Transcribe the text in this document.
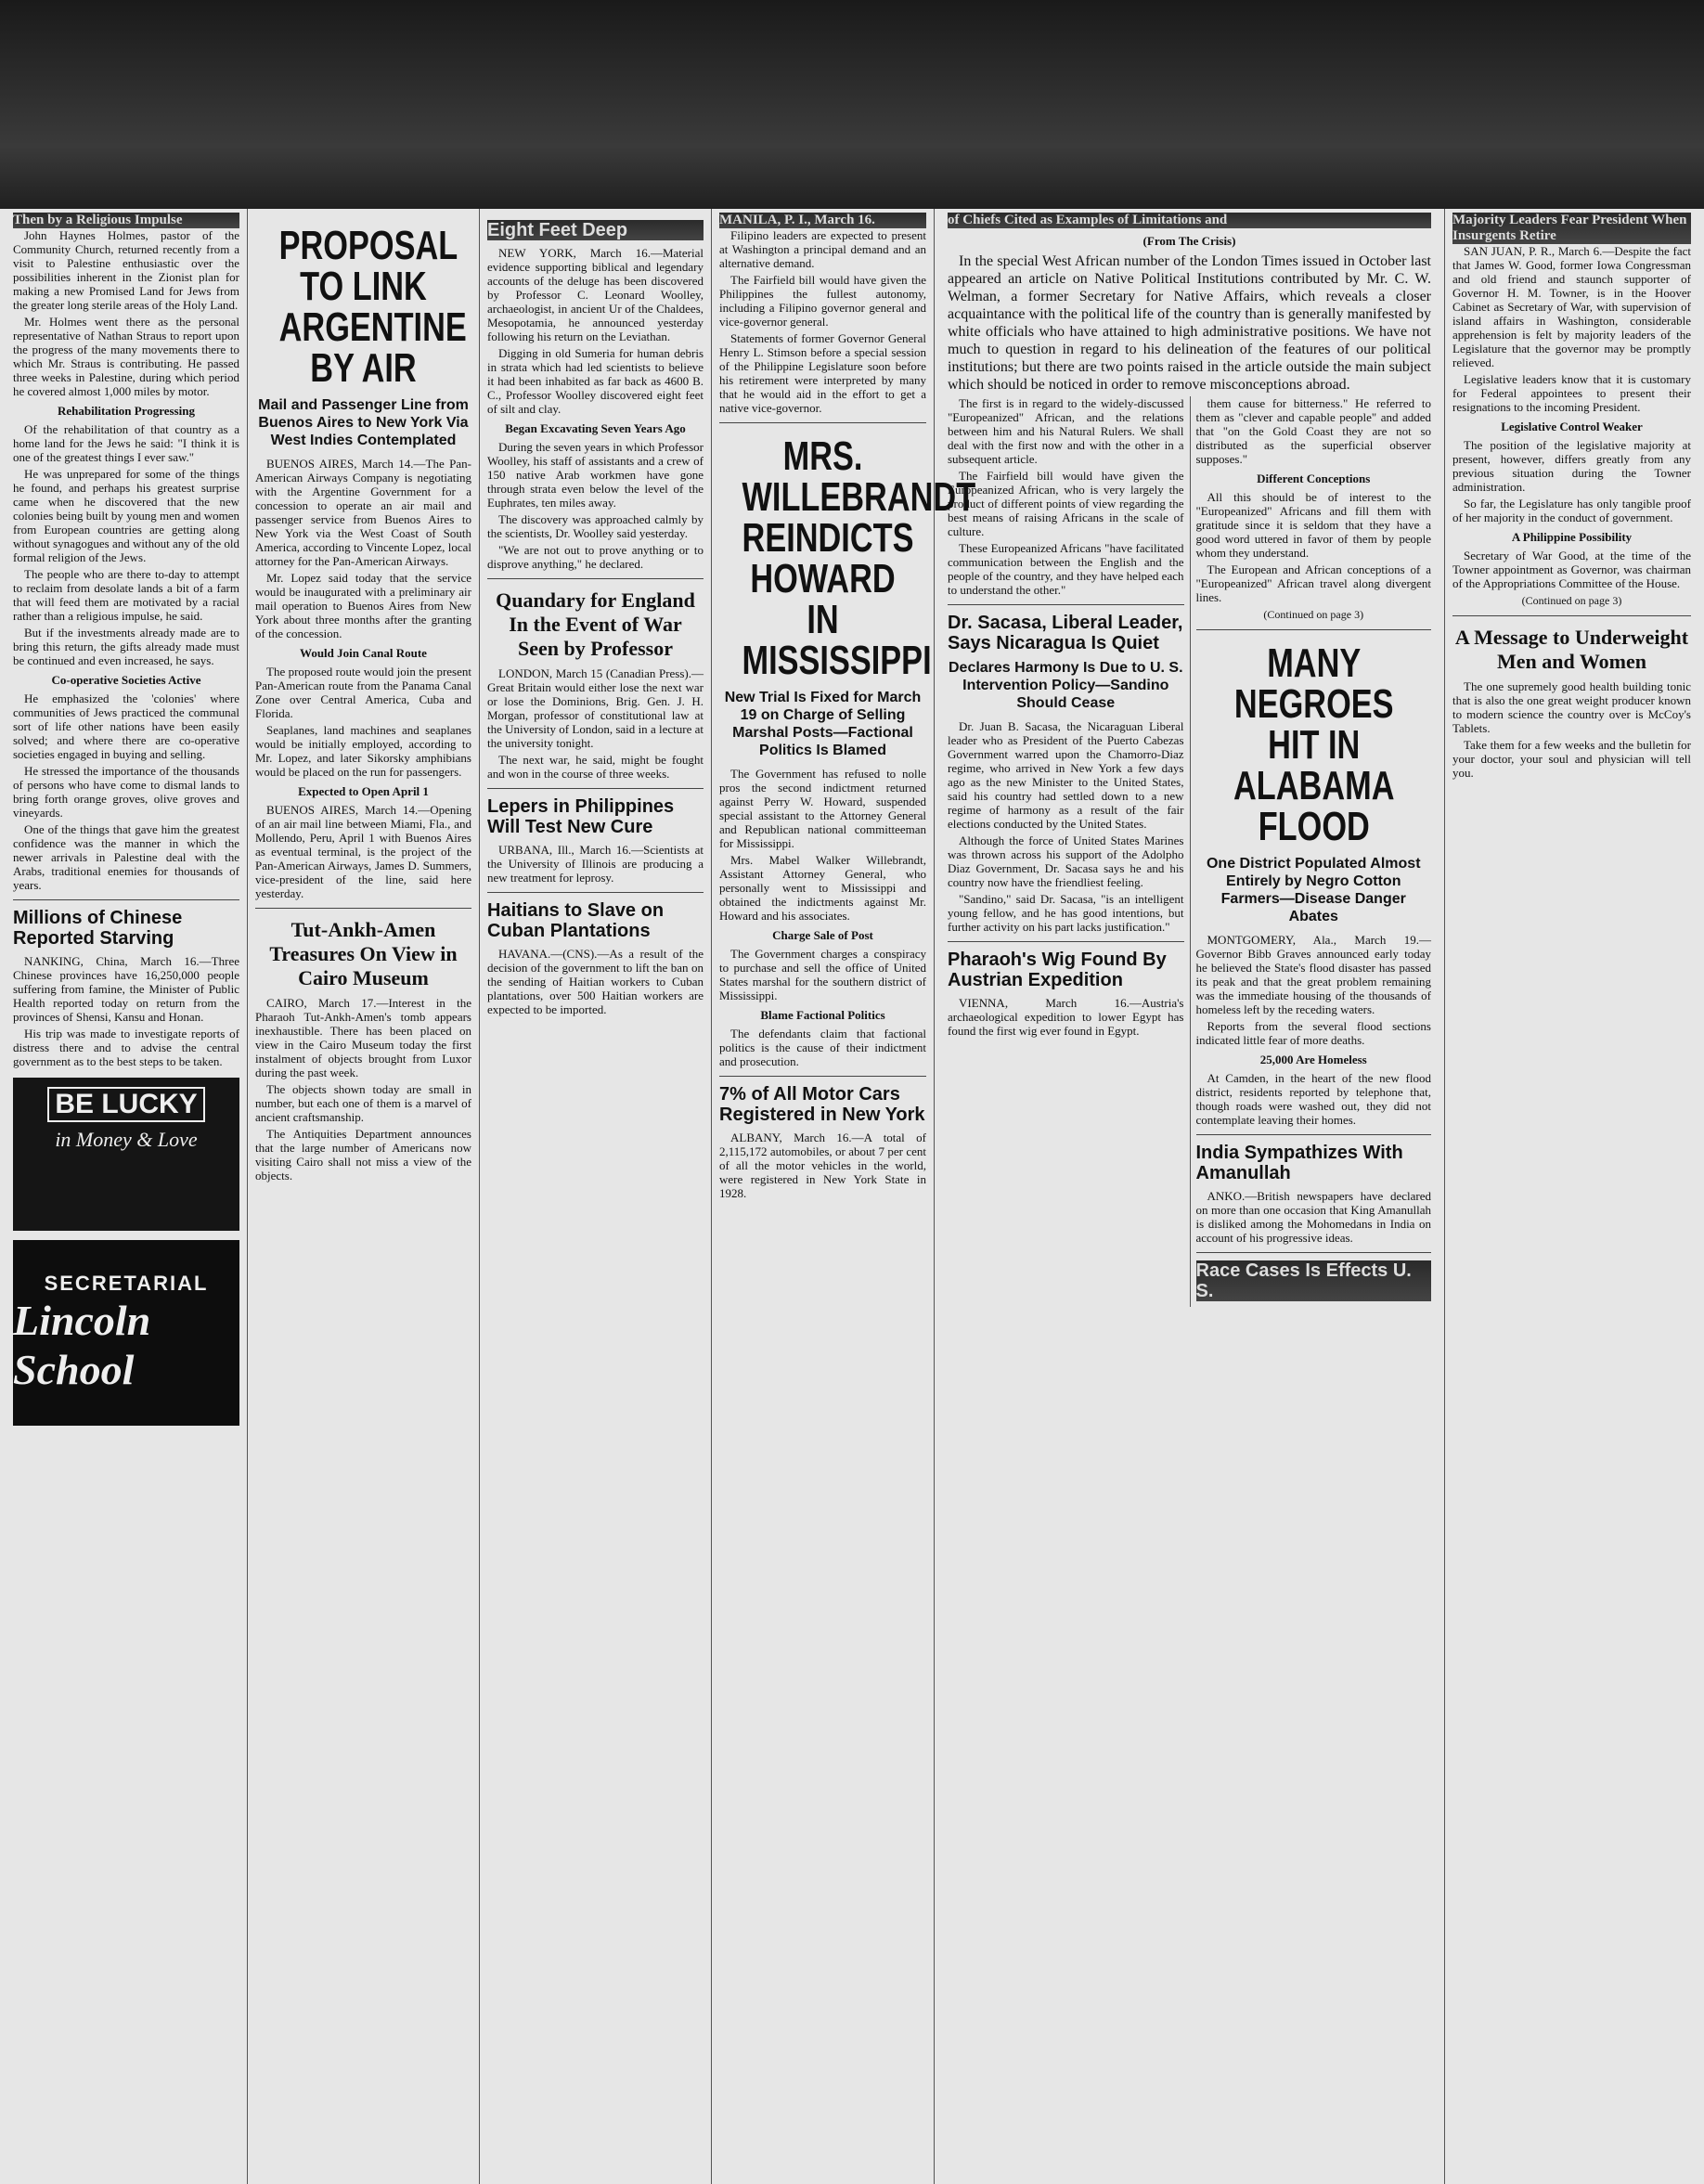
Then by a Religious Impulse

John Haynes Holmes, pastor of the Community Church, returned recently from a visit to Palestine enthusiastic over the possibilities inherent in the Zionist plan for making a new Promised Land for Jews from the greater long sterile areas of the Holy Land.

Mr. Holmes went there as the personal representative of Nathan Straus to report upon the progress of the many movements there to which Mr. Straus is contributing. He passed three weeks in Palestine, during which period he covered almost 1,000 miles by motor.

Rehabilitation Progressing

Of the rehabilitation of that country as a home land for the Jews he said: "I think it is one of the greatest things I ever saw."

He was unprepared for some of the things he found, and perhaps his greatest surprise came when he discovered that the new colonies being built by young men and women from European countries are getting along without synagogues and without any of the old formal religion of the Jews.

The people who are there to-day to attempt to reclaim from desolate lands a bit of a farm that will feed them are motivated by a racial rather than a religious impulse, he said.

But if the investments already made are to bring this return, the gifts already made must be continued and even increased, he says.

Co-operative Societies Active

He emphasized the 'colonies' where communities of Jews practiced the communal sort of life other nations have been easily solved; and where there are co-operative societies engaged in buying and selling.

He stressed the importance of the thousands of persons who have come to dismal lands to bring forth orange groves, olive groves and vineyards.

One of the things that gave him the greatest confidence was the manner in which the newer arrivals in Palestine deal with the Arabs, traditional enemies for thousands of years.

Millions of Chinese Reported Starving

NANKING, China, March 16.—Three Chinese provinces have 16,250,000 people suffering from famine, the Minister of Public Health reported today on return from the provinces of Shensi, Kansu and Honan.

His trip was made to investigate reports of distress there and to advise the central government as to the best steps to be taken.

BE LUCKY
in Money & Love
SECRETARIAL
Lincoln School
PROPOSAL TO LINK ARGENTINE BY AIR
Mail and Passenger Line from Buenos Aires to New York Via West Indies Contemplated

BUENOS AIRES, March 14.—The Pan-American Airways Company is negotiating with the Argentine Government for a concession to operate an air mail and passenger service from Buenos Aires to New York via the West Coast of South America, according to Vincente Lopez, local attorney for the Pan-American Airways.

Mr. Lopez said today that the service would be inaugurated with a preliminary air mail operation to Buenos Aires from New York about three months after the granting of the concession.

Would Join Canal Route

The proposed route would join the present Pan-American route from the Panama Canal Zone over Central America, Cuba and Florida.

Seaplanes, land machines and seaplanes would be initially employed, according to Mr. Lopez, and later Sikorsky amphibians would be placed on the run for passengers.

Expected to Open April 1

BUENOS AIRES, March 14.—Opening of an air mail line between Miami, Fla., and Mollendo, Peru, April 1 with Buenos Aires as eventual terminal, is the project of the Pan-American Airways, James D. Summers, vice-president of the line, said here yesterday.

Tut-Ankh-Amen Treasures On View in Cairo Museum

CAIRO, March 17.—Interest in the Pharaoh Tut-Ankh-Amen's tomb appears inexhaustible. There has been placed on view in the Cairo Museum today the first instalment of objects brought from Luxor during the past week.

The objects shown today are small in number, but each one of them is a marvel of ancient craftsmanship.

The Antiquities Department announces that the large number of Americans now visiting Cairo shall not miss a view of the objects.

Eight Feet Deep

NEW YORK, March 16.—Material evidence supporting biblical and legendary accounts of the deluge has been discovered by Professor C. Leonard Woolley, archaeologist, in ancient Ur of the Chaldees, Mesopotamia, he announced yesterday following his return on the Leviathan.

Digging in old Sumeria for human debris in strata which had led scientists to believe it had been inhabited as far back as 4600 B. C., Professor Woolley discovered eight feet of silt and clay.

Began Excavating Seven Years Ago

During the seven years in which Professor Woolley, his staff of assistants and a crew of 150 native Arab workmen have gone through strata even below the level of the Euphrates, ten miles away.

The discovery was approached calmly by the scientists, Dr. Woolley said yesterday.

"We are not out to prove anything or to disprove anything," he declared.

Quandary for England In the Event of War Seen by Professor

LONDON, March 15 (Canadian Press).—Great Britain would either lose the next war or lose the Dominions, Brig. Gen. J. H. Morgan, professor of constitutional law at the University of London, said in a lecture at the university tonight.

The next war, he said, might be fought and won in the course of three weeks.

Lepers in Philippines Will Test New Cure

URBANA, Ill., March 16.—Scientists at the University of Illinois are producing a new treatment for leprosy.

Haitians to Slave on Cuban Plantations

HAVANA.—(CNS).—As a result of the decision of the government to lift the ban on the sending of Haitian workers to Cuban plantations, over 500 Haitian workers are expected to be imported.

MANILA, P. I., March 16.

Filipino leaders are expected to present at Washington a principal demand and an alternative demand.

The Fairfield bill would have given the Philippines the fullest autonomy, including a Filipino governor general and vice-governor general.

Statements of former Governor General Henry L. Stimson before a special session of the Philippine Legislature soon before his retirement were interpreted by many that he would aid in the effort to get a native vice-governor.

MRS. WILLEBRANDT REINDICTS HOWARD IN MISSISSIPPI
New Trial Is Fixed for March 19 on Charge of Selling Marshal Posts—Factional Politics Is Blamed

The Government has refused to nolle pros the second indictment returned against Perry W. Howard, suspended special assistant to the Attorney General and Republican national committeeman for Mississippi.

Mrs. Mabel Walker Willebrandt, Assistant Attorney General, who personally went to Mississippi and obtained the indictments against Mr. Howard and his associates.

Charge Sale of Post

The Government charges a conspiracy to purchase and sell the office of United States marshal for the southern district of Mississippi.

Blame Factional Politics

The defendants claim that factional politics is the cause of their indictment and prosecution.

7% of All Motor Cars Registered in New York

ALBANY, March 16.—A total of 2,115,172 automobiles, or about 7 per cent of all the motor vehicles in the world, were registered in New York State in 1928.

of Chiefs Cited as Examples of Limitations and
(From The Crisis)

In the special West African number of the London Times issued in October last appeared an article on Native Political Institutions contributed by Mr. C. W. Welman, a former Secretary for Native Affairs, which reveals a closer acquaintance with the political life of the country than is generally manifested by white officials who have attained to high administrative positions. We have not much to question in regard to his delineation of the features of our political institutions; but there are two points raised in the article outside the main subject which should be noticed in order to remove misconceptions abroad.

The first is in regard to the widely-discussed "Europeanized" African, and the relations between him and his Natural Rulers. We shall deal with the first now and with the other in a subsequent article.

The Fairfield bill would have given the Europeanized African, who is very largely the product of different points of view regarding the best means of raising Africans in the scale of culture.

These Europeanized Africans "have facilitated communication between the English and the people of the country, and they have helped each to understand the other."

Dr. Sacasa, Liberal Leader, Says Nicaragua Is Quiet
Declares Harmony Is Due to U. S. Intervention Policy—Sandino Should Cease

Dr. Juan B. Sacasa, the Nicaraguan Liberal leader who as President of the Puerto Cabezas Government warred upon the Chamorro-Diaz regime, who arrived in New York a few days ago as the new Minister to the United States, said his country had settled down to a new regime of harmony as a result of the fair elections conducted by the United States.

Although the force of United States Marines was thrown across his support of the Adolpho Diaz Government, Dr. Sacasa says he and his country now have the friendliest feeling.

"Sandino," said Dr. Sacasa, "is an intelligent young fellow, and he has good intentions, but further activity on his part lacks justification."

Pharaoh's Wig Found By Austrian Expedition

VIENNA, March 16.—Austria's archaeological expedition to lower Egypt has found the first wig ever found in Egypt.

them cause for bitterness." He referred to them as "clever and capable people" and added that "on the Gold Coast they are not so distributed as the superficial observer supposes."

Different Conceptions

All this should be of interest to the "Europeanized" Africans and fill them with gratitude since it is seldom that they have a good word uttered in favor of them by people whom they understand.

The European and African conceptions of a "Europeanized" African travel along divergent lines.

(Continued on page 3)
MANY NEGROES HIT IN ALABAMA FLOOD
One District Populated Almost Entirely by Negro Cotton Farmers—Disease Danger Abates

MONTGOMERY, Ala., March 19.—Governor Bibb Graves announced early today he believed the State's flood disaster has passed its peak and that the great problem remaining was the immediate housing of the thousands of homeless left by the receding waters.

Reports from the several flood sections indicated little fear of more deaths.

25,000 Are Homeless

At Camden, in the heart of the new flood district, residents reported by telephone that, though roads were washed out, they did not contemplate leaving their homes.

India Sympathizes With Amanullah

ANKO.—British newspapers have declared on more than one occasion that King Amanullah is disliked among the Mohomedans in India on account of his progressive ideas.

Race Cases Is Effects U. S.
Majority Leaders Fear President When Insurgents Retire

SAN JUAN, P. R., March 6.—Despite the fact that James W. Good, former Iowa Congressman and old friend and staunch supporter of Governor H. M. Towner, is in the Hoover Cabinet as Secretary of War, with supervision of island affairs in Washington, considerable apprehension is felt by majority leaders of the Legislature that the governor may be promptly relieved.

Legislative leaders know that it is customary for Federal appointees to present their resignations to the incoming President.

Legislative Control Weaker

The position of the legislative majority at present, however, differs greatly from any previous situation during the Towner administration.

So far, the Legislature has only tangible proof of her majority in the conduct of government.

A Philippine Possibility

Secretary of War Good, at the time of the Towner appointment as Governor, was chairman of the Appropriations Committee of the House.

(Continued on page 3)
A Message to Underweight Men and Women

The one supremely good health building tonic that is also the one great weight producer known to modern science the country over is McCoy's Tablets.

Take them for a few weeks and the bulletin for your doctor, your soul and physician will tell you.
